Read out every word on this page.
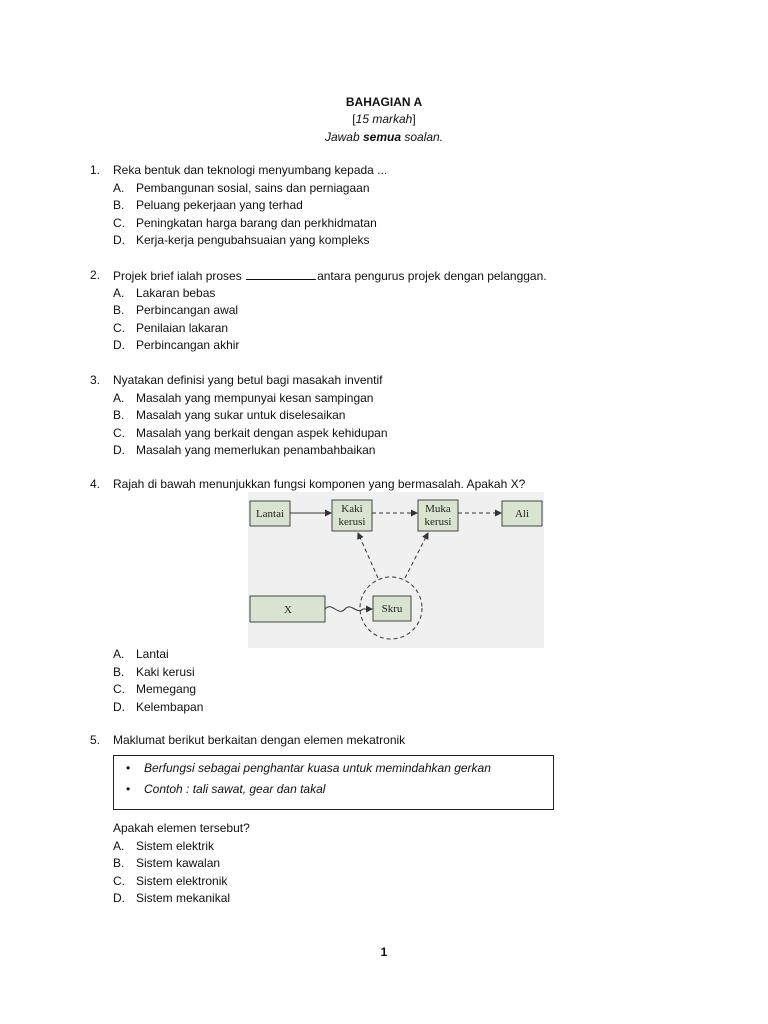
BAHAGIAN A
[15 markah]
Jawab semua soalan.
1.	Reka bentuk dan teknologi menyumbang kepada ...
A. Pembangunan sosial, sains dan perniagaan
B. Peluang pekerjaan yang terhad
C. Peningkatan harga barang dan perkhidmatan
D. Kerja-kerja pengubahsuaian yang kompleks
2.	Projek brief ialah proses	antara pengurus projek dengan pelanggan.
A. Lakaran bebas
B. Perbincangan awal
C. Penilaian lakaran
D. Perbincangan akhir
3.	Nyatakan definisi yang betul bagi masakah inventif
A. Masalah yang mempunyai kesan sampingan
B. Masalah yang sukar untuk diselesaikan
C. Masalah yang berkait dengan aspek kehidupan
D. Masalah yang memerlukan penambahbaikan
4.	Rajah di bawah menunjukkan fungsi komponen yang bermasalah. Apakah X?
Lantai	Kaki
kerusi
Muka
kerusi
Ali
X	Skru
A. Lantai
B. Kaki kerusi
C. Memegang
D. Kelembapan
5.	Maklumat berikut berkaitan dengan elemen mekatronik
• Berfungsi sebagai penghantar kuasa untuk memindahkan gerkan
• Contoh : tali sawat, gear dan takal
Apakah elemen tersebut?
A. Sistem elektrik
B. Sistem kawalan
C. Sistem elektronik
D. Sistem mekanikal
1
